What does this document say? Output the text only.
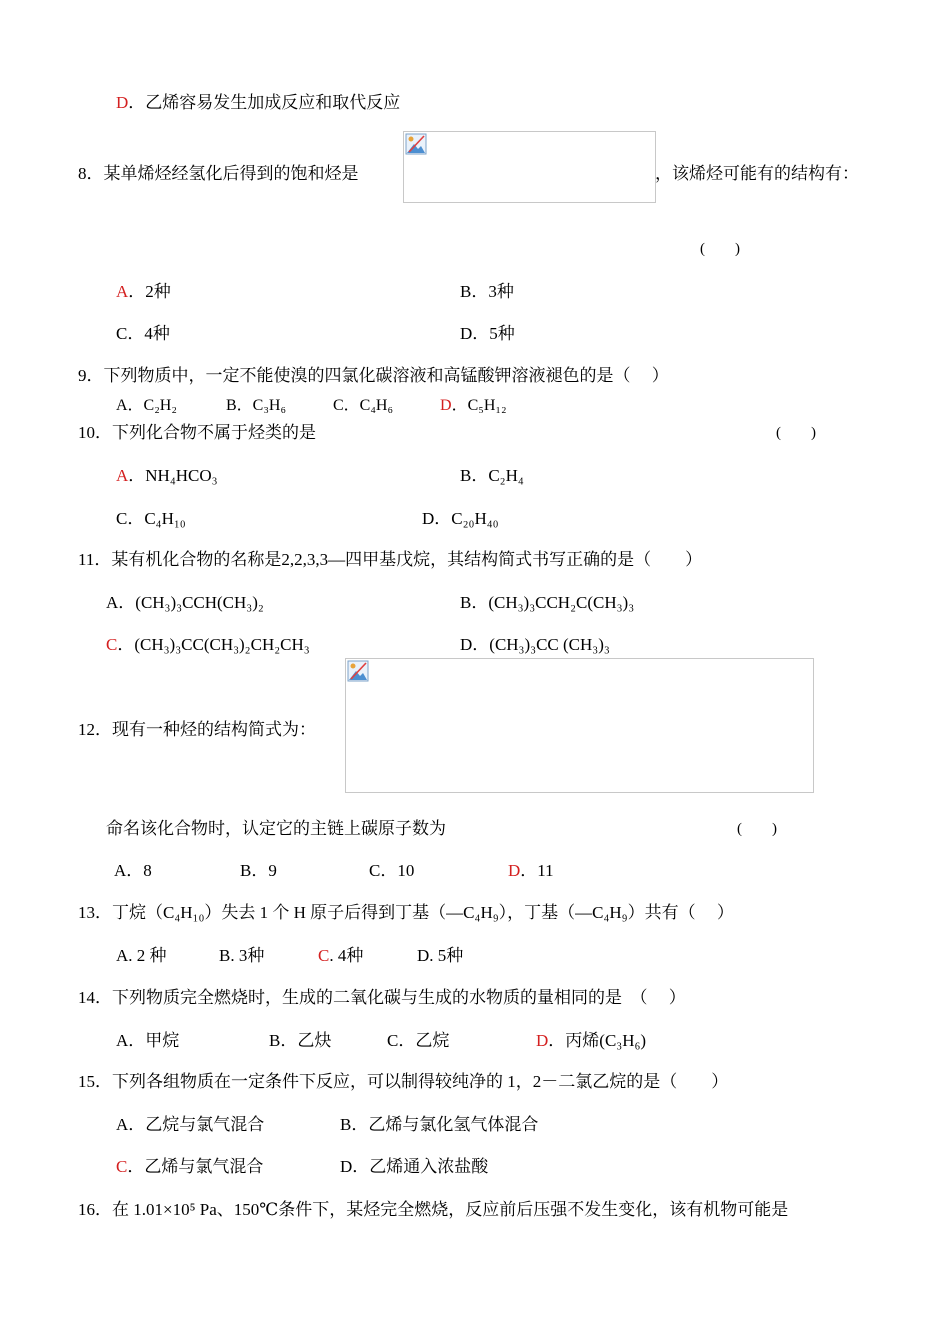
D．乙烯容易发生加成反应和取代反应
8．某单烯烃经氢化后得到的饱和烃是	，该烯烃可能有的结构有：
(　　)
A．2种	B．3种
C．4种	D．5种
9．下列物质中，一定不能使溴的四氯化碳溶液和高锰酸钾溶液褪色的是（　 ）
A．C₂H₂	B．C₃H₆	C．C₄H₆	D．C₅H₁₂
10．下列化合物不属于烃类的是	(　　)
A．NH₄HCO₃	B．C₂H₄
C．C₄H₁₀	D．C₂₀H₄₀
11．某有机化合物的名称是2,2,3,3—四甲基戊烷，其结构简式书写正确的是（　　）
A．(CH₃)₃CCH(CH₃)₂	B．(CH₃)₃CCH₂C(CH₃)₃
C．(CH₃)₃CC(CH₃)₂CH₂CH₃	D．(CH₃)₃CC (CH₃)₃
12．现有一种烃的结构简式为：
命名该化合物时，认定它的主链上碳原子数为	(　　)
A．8	B．9	C．10	D．11
13．丁烷（C₄H₁₀）失去 1 个 H 原子后得到丁基（—C₄H₉），丁基（—C₄H₉）共有（　 ）
A. 2 种	B. 3种	C. 4种	D. 5种
14．下列物质完全燃烧时，生成的二氧化碳与生成的水物质的量相同的是　（　 ）
A．甲烷	B．乙炔	C．乙烷	D．丙烯(C₃H₆)
15．下列各组物质在一定条件下反应，可以制得较纯净的 1，2－二氯乙烷的是（　　）
A．乙烷与氯气混合	B．乙烯与氯化氢气体混合
C．乙烯与氯气混合	D．乙烯通入浓盐酸
16．在 1.01×10⁵ Pa、150℃条件下，某烃完全燃烧，反应前后压强不发生变化，该有机物可能是
